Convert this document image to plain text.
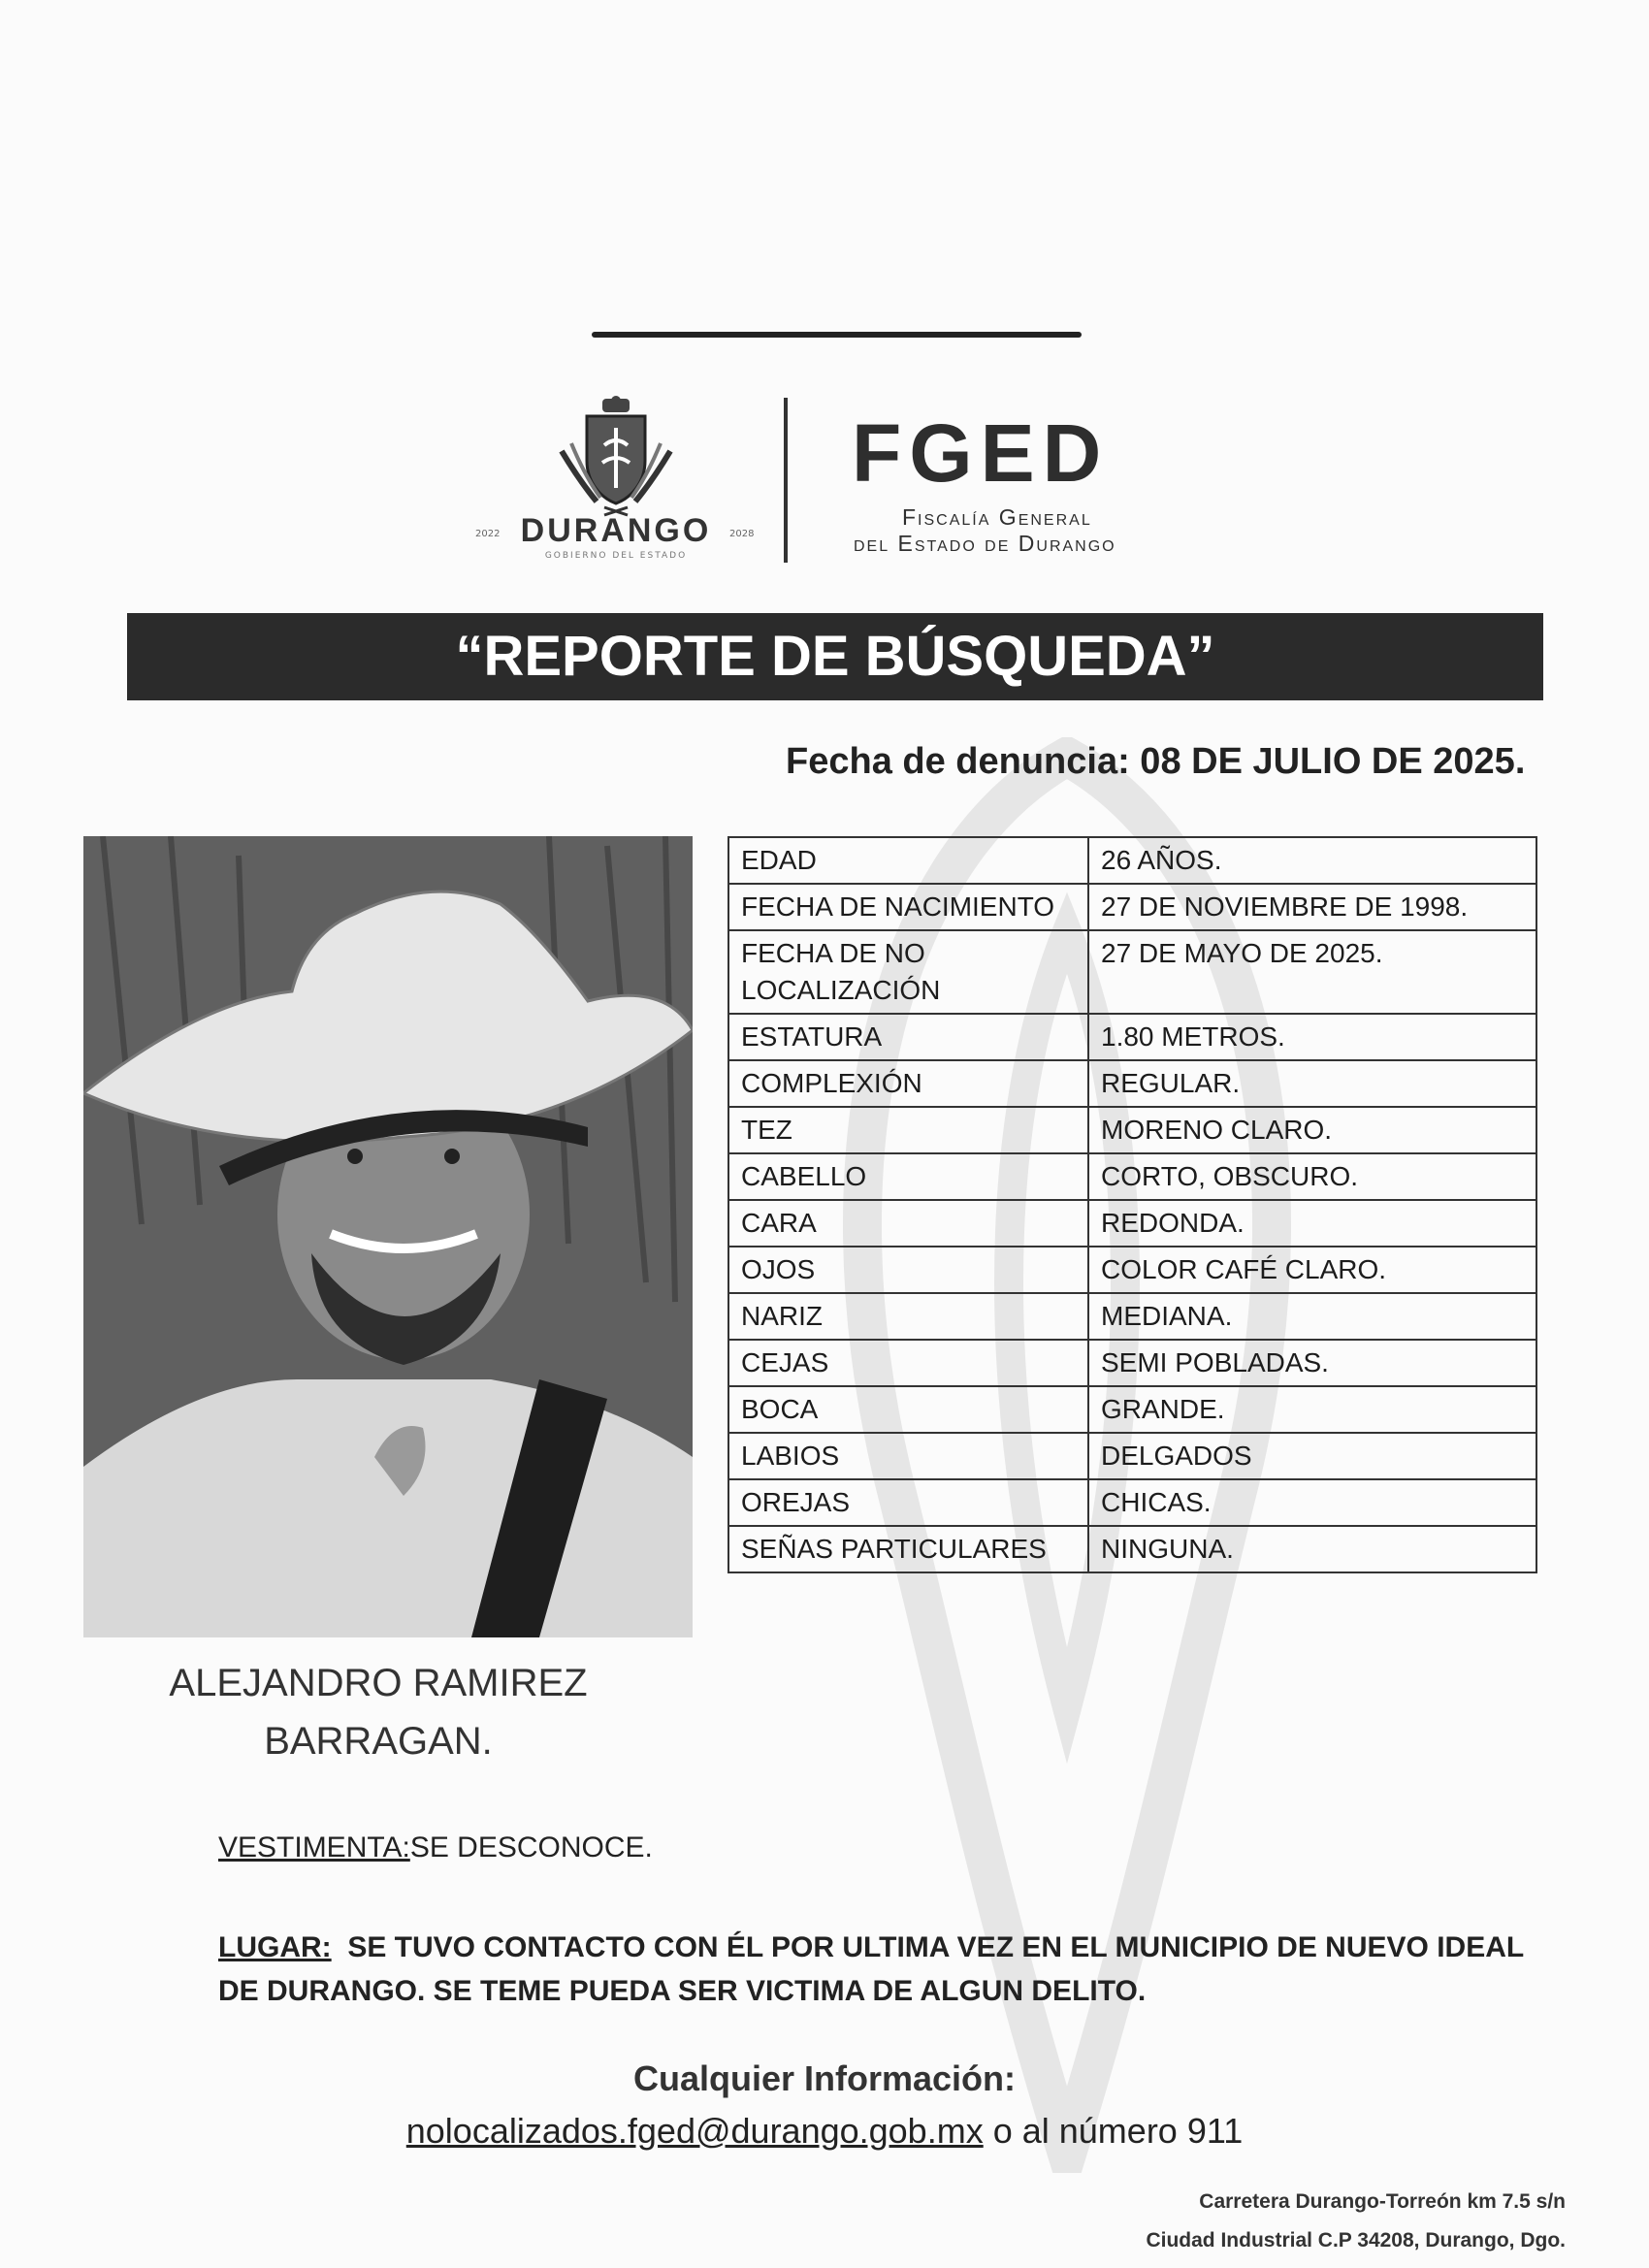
2022 DURANGO	2028
GOBIERNO DEL ESTADO
FGED
Fiscalía General
del Estado de Durango
“REPORTE DE BÚSQUEDA”
Fecha de denuncia: 08 DE JULIO DE 2025.
EDAD	26 AÑOS.
FECHA DE NACIMIENTO	27 DE NOVIEMBRE DE 1998.
FECHA DE NO LOCALIZACIÓN	27 DE MAYO DE 2025.
ESTATURA	1.80 METROS.
COMPLEXIÓN	REGULAR.
TEZ	MORENO CLARO.
CABELLO	CORTO, OBSCURO.
CARA	REDONDA.
OJOS	COLOR CAFÉ CLARO.
NARIZ	MEDIANA.
CEJAS	SEMI POBLADAS.
BOCA	GRANDE.
LABIOS	DELGADOS
OREJAS	CHICAS.
SEÑAS PARTICULARES	NINGUNA.
ALEJANDRO RAMIREZ
BARRAGAN.
VESTIMENTA:SE DESCONOCE.
LUGAR: SE TUVO CONTACTO CON ÉL POR ULTIMA VEZ EN EL MUNICIPIO DE NUEVO IDEAL DE DURANGO. SE TEME PUEDA SER VICTIMA DE ALGUN DELITO.
Cualquier Información:
nolocalizados.fged@durango.gob.mx o al número 911
Carretera Durango-Torreón km 7.5 s/n
Ciudad Industrial C.P 34208, Durango, Dgo.
